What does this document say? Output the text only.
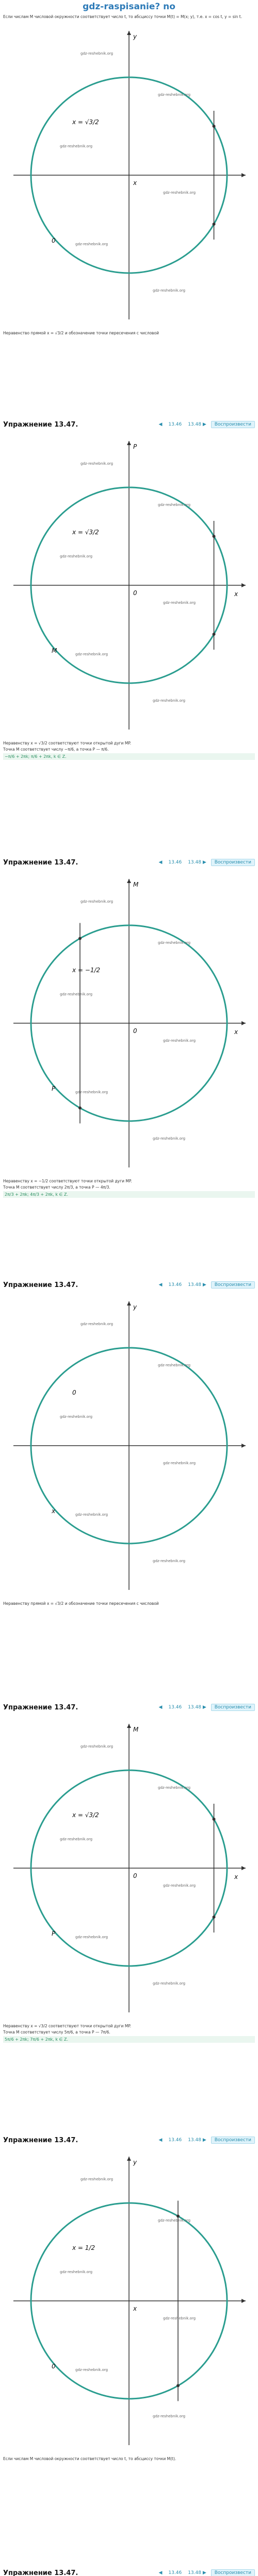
gdz-raspisanie? no
Если числам M числовой окружности соответствует число t, то абсциссу точки M(t) = M(x; y), т.е. x = cos t, y = sin t.
y
x = √3/2
0
x
gdz-reshebnik.org
gdz-reshebnik.org
gdz-reshebnik.org
gdz-reshebnik.org
gdz-reshebnik.org
gdz-reshebnik.org
Неравенство прямой x = √3/2 и обозначение точки пересечения с числовой
Упражнение 13.47.	◀	13.46	13.48 ▶	Воспроизвести
P
x = √3/2
M
0	x
gdz-reshebnik.org
gdz-reshebnik.org
gdz-reshebnik.org
gdz-reshebnik.org
gdz-reshebnik.org
gdz-reshebnik.org
Неравенству x = √3/2 соответствуют точки открытой дуги MP.
Точка M соответствует числу −π/6, а точка P — π/6.
−π/6 + 2πk; π/6 + 2πk, k ∈ Z.
Упражнение 13.47.	◀	13.46	13.48 ▶	Воспроизвести
M
x = −1/2
P
0	x
gdz-reshebnik.org
gdz-reshebnik.org
gdz-reshebnik.org
gdz-reshebnik.org
gdz-reshebnik.org
gdz-reshebnik.org
Неравенству x = −1/2 соответствуют точки открытой дуги MP.
Точка M соответствует числу 2π/3, а точка P — 4π/3.
2π/3 + 2πk; 4π/3 + 2πk, k ∈ Z.
Упражнение 13.47.	◀	13.46	13.48 ▶	Воспроизвести
y
0
x
gdz-reshebnik.org
gdz-reshebnik.org
gdz-reshebnik.org
gdz-reshebnik.org
gdz-reshebnik.org
gdz-reshebnik.org
Неравенству прямой x = √3/2 и обозначение точки пересечения с числовой
Упражнение 13.47.	◀	13.46	13.48 ▶	Воспроизвести
M
x = √3/2
P
0	x
gdz-reshebnik.org
gdz-reshebnik.org
gdz-reshebnik.org
gdz-reshebnik.org
gdz-reshebnik.org
gdz-reshebnik.org
Неравенству x = √3/2 соответствуют точки открытой дуги MP.
Точка M соответствует числу 5π/6, а точка P — 7π/6.
5π/6 + 2πk; 7π/6 + 2πk, k ∈ Z.
Упражнение 13.47.	◀	13.46	13.48 ▶	Воспроизвести
y
x = 1/2
0
x
gdz-reshebnik.org
gdz-reshebnik.org
gdz-reshebnik.org
gdz-reshebnik.org
gdz-reshebnik.org
gdz-reshebnik.org
Если числам M числовой окружности соответствует число t, то абсциссу точки M(t).
Упражнение 13.47.	◀	13.46	13.48 ▶	Воспроизвести
